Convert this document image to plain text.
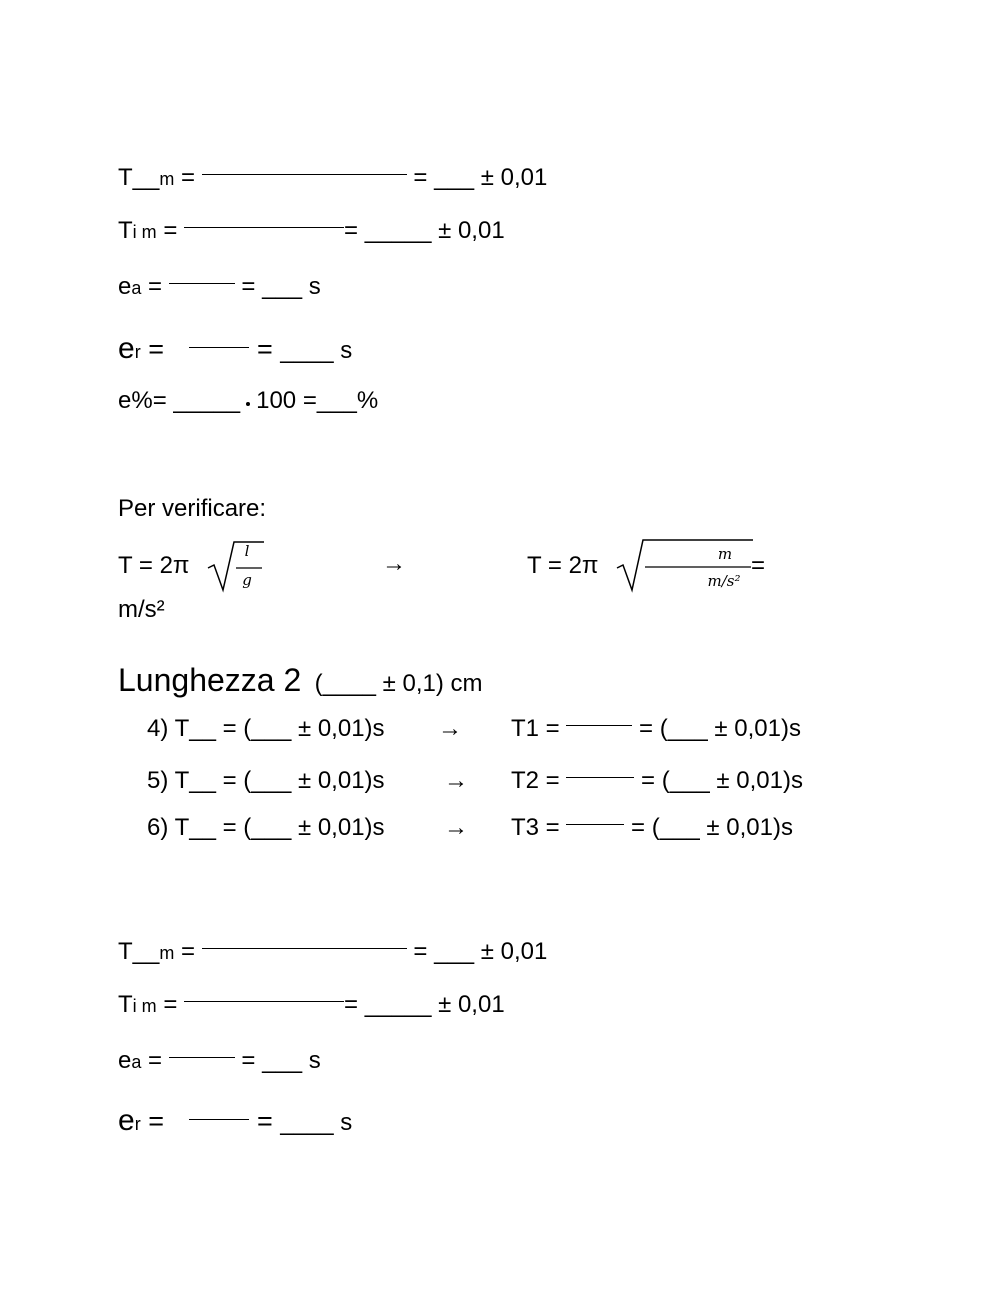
T__m =	= ___ ± 0,01
Ti m =	= _____ ± 0,01
ea =	= ___ s
er =	= ____ s
e%= _____ 100 =___%
Per verificare:
T = 2π
l
g
→	T = 2π	m
m/s²
=
m/s²
Lunghezza 2 (____ ± 0,1) cm
4) T__ = (___ ± 0,01)s → T1 =	= (___ ± 0,01)s
5) T__ = (___ ± 0,01)s → T2 =	= (___ ± 0,01)s
6) T__ = (___ ± 0,01)s → T3 =  = (___ ± 0,01)s
T__m =	= ___ ± 0,01
Ti m =	= _____ ± 0,01
ea =	= ___ s
er =	= ____ s
